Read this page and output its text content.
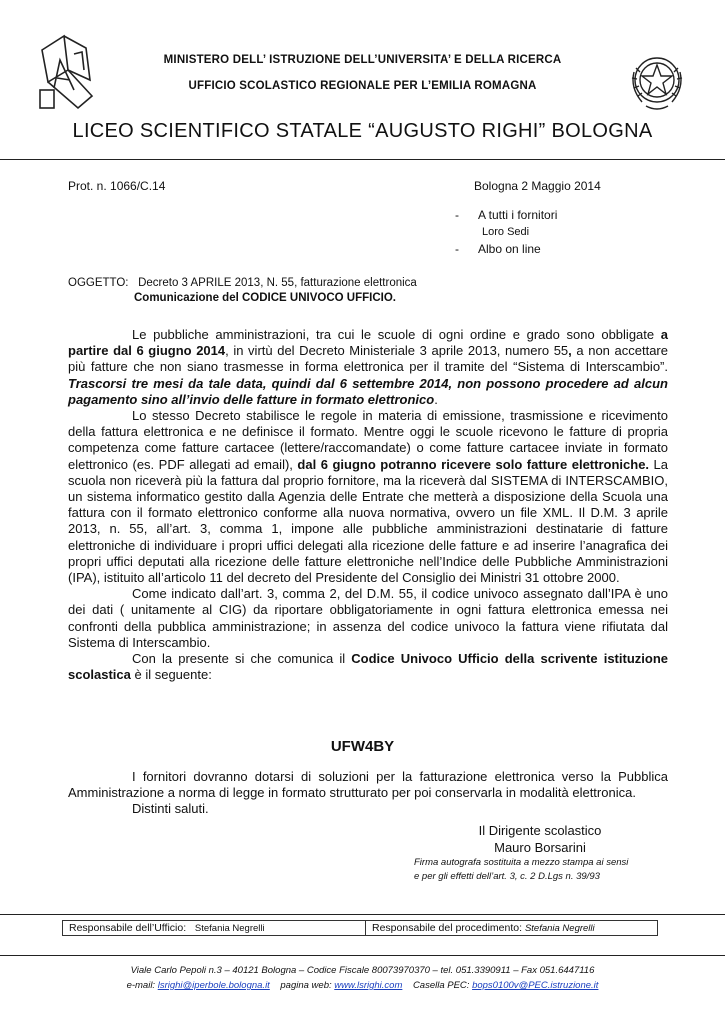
MINISTERO DELL’ ISTRUZIONE DELL’UNIVERSITA’ E DELLA RICERCA
UFFICIO SCOLASTICO REGIONALE PER L’EMILIA ROMAGNA
LICEO SCIENTIFICO STATALE “AUGUSTO RIGHI” BOLOGNA
Prot. n. 1066/C.14	Bologna 2 Maggio 2014
- A tutti i fornitori
Loro Sedi
- Albo on line
OGGETTO: Decreto 3 APRILE 2013, N. 55, fatturazione elettronica
Comunicazione del CODICE UNIVOCO UFFICIO.

Le pubbliche amministrazioni, tra cui le scuole di ogni ordine e grado sono obbligate a partire dal 6 giugno 2014, in virtù del Decreto Ministeriale 3 aprile 2013, numero 55, a non accettare più fatture che non siano trasmesse in forma elettronica per il tramite del “Sistema di Interscambio”. Trascorsi tre mesi da tale data, quindi dal 6 settembre 2014, non possono procedere ad alcun pagamento sino all’invio delle fatture in formato elettronico.

Lo stesso Decreto stabilisce le regole in materia di emissione, trasmissione e ricevimento della fattura elettronica e ne definisce il formato. Mentre oggi le scuole ricevono le fatture di propria competenza come fatture cartacee (lettere/raccomandate) o come fatture cartacee inviate in formato elettronico (es. PDF allegati ad email), dal 6 giugno potranno ricevere solo fatture elettroniche. La scuola non riceverà più la fattura dal proprio fornitore, ma la riceverà dal SISTEMA di INTERSCAMBIO, un sistema informatico gestito dalla Agenzia delle Entrate che metterà a disposizione della Scuola una fattura con il formato elettronico conforme alla nuova normativa, ovvero un file XML. Il D.M. 3 aprile 2013, n. 55, all’art. 3, comma 1, impone alle pubbliche amministrazioni destinatarie di fatture elettroniche di individuare i propri uffici delegati alla ricezione delle fatture e ad inserire l’anagrafica dei propri uffici deputati alla ricezione delle fatture elettroniche nell’Indice delle Pubbliche Amministrazioni (IPA), istituito all’articolo 11 del decreto del Presidente del Consiglio dei Ministri 31 ottobre 2000.

Come indicato dall’art. 3, comma 2, del D.M. 55, il codice univoco assegnato dall’IPA è uno dei dati ( unitamente al CIG) da riportare obbligatoriamente in ogni fattura elettronica emessa nei confronti della pubblica amministrazione; in assenza del codice univoco la fattura viene rifiutata dal Sistema di Interscambio.

Con la presente si che comunica il Codice Univoco Ufficio della scrivente istituzione scolastica è il seguente:

UFW4BY

I fornitori dovranno dotarsi di soluzioni per la fatturazione elettronica verso la Pubblica Amministrazione a norma di legge in formato strutturato per poi conservarla in modalità elettronica.

Distinti saluti.

Il Dirigente scolastico
Mauro Borsarini
Firma autografa sostituita a mezzo stampa ai sensi
e per gli effetti dell’art. 3, c. 2 D.Lgs n. 39/93
Responsabile dell’Ufficio: Stefania Negrelli	Responsabile del procedimento: Stefania Negrelli
Viale Carlo Pepoli n.3 – 40121 Bologna – Codice Fiscale 80073970370 – tel. 051.3390911 – Fax 051.6447116
e-mail: lsrighi@iperbole.bologna.it pagina web: www.lsrighi.com Casella PEC: bops0100v@PEC.istruzione.it
